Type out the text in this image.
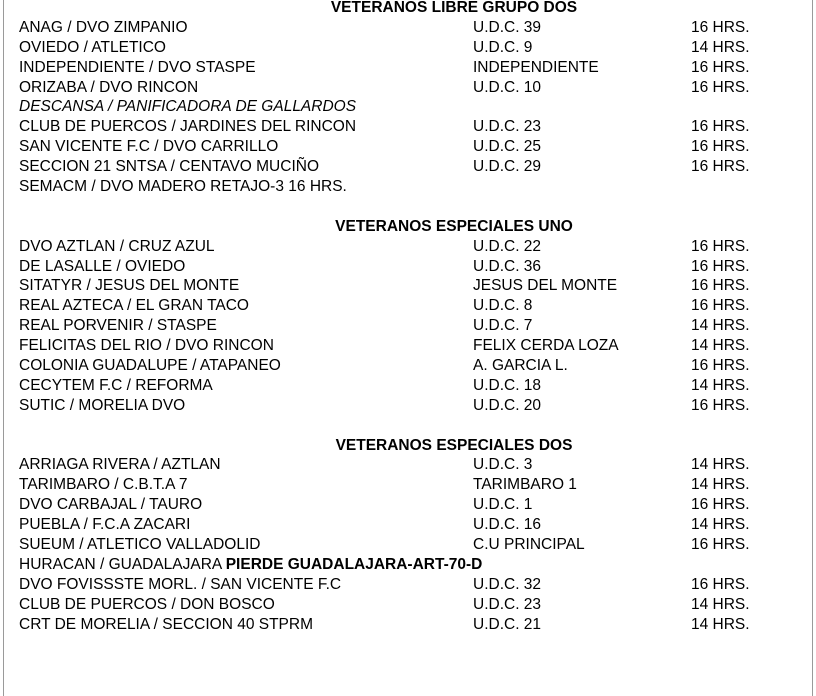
VETERANOS LIBRE GRUPO DOS
ANAG / DVO ZIMPANIO	U.D.C. 39	16 HRS.
OVIEDO / ATLETICO	U.D.C. 9	14 HRS.
INDEPENDIENTE / DVO STASPE	INDEPENDIENTE	16 HRS.
ORIZABA / DVO RINCON	U.D.C. 10	16 HRS.
DESCANSA / PANIFICADORA DE GALLARDOS
CLUB DE PUERCOS / JARDINES DEL RINCON	U.D.C. 23	16 HRS.
SAN VICENTE F.C / DVO CARRILLO	U.D.C. 25	16 HRS.
SECCION 21 SNTSA / CENTAVO MUCIÑO	U.D.C. 29	16 HRS.
SEMACM / DVO MADERO RETAJO-3 16 HRS.
VETERANOS ESPECIALES UNO
DVO AZTLAN / CRUZ AZUL	U.D.C. 22	16 HRS.
DE LASALLE / OVIEDO	U.D.C. 36	16 HRS.
SITATYR / JESUS DEL MONTE	JESUS DEL MONTE	16 HRS.
REAL AZTECA / EL GRAN TACO	U.D.C. 8	16 HRS.
REAL PORVENIR / STASPE	U.D.C. 7	14 HRS.
FELICITAS DEL RIO / DVO RINCON	FELIX CERDA LOZA	14 HRS.
COLONIA GUADALUPE / ATAPANEO	A. GARCIA L.	16 HRS.
CECYTEM F.C / REFORMA	U.D.C. 18	14 HRS.
SUTIC / MORELIA DVO	U.D.C. 20	16 HRS.
VETERANOS ESPECIALES DOS
ARRIAGA RIVERA / AZTLAN	U.D.C. 3	14 HRS.
TARIMBARO / C.B.T.A 7	TARIMBARO 1	14 HRS.
DVO CARBAJAL / TAURO	U.D.C. 1	16 HRS.
PUEBLA / F.C.A ZACARI	U.D.C. 16	14 HRS.
SUEUM / ATLETICO VALLADOLID	C.U PRINCIPAL	16 HRS.
HURACAN / GUADALAJARA PIERDE GUADALAJARA-ART-70-D
DVO FOVISSSTE MORL. / SAN VICENTE F.C	U.D.C. 32	16 HRS.
CLUB DE PUERCOS / DON BOSCO	U.D.C. 23	14 HRS.
CRT DE MORELIA / SECCION 40 STPRM	U.D.C. 21	14 HRS.
